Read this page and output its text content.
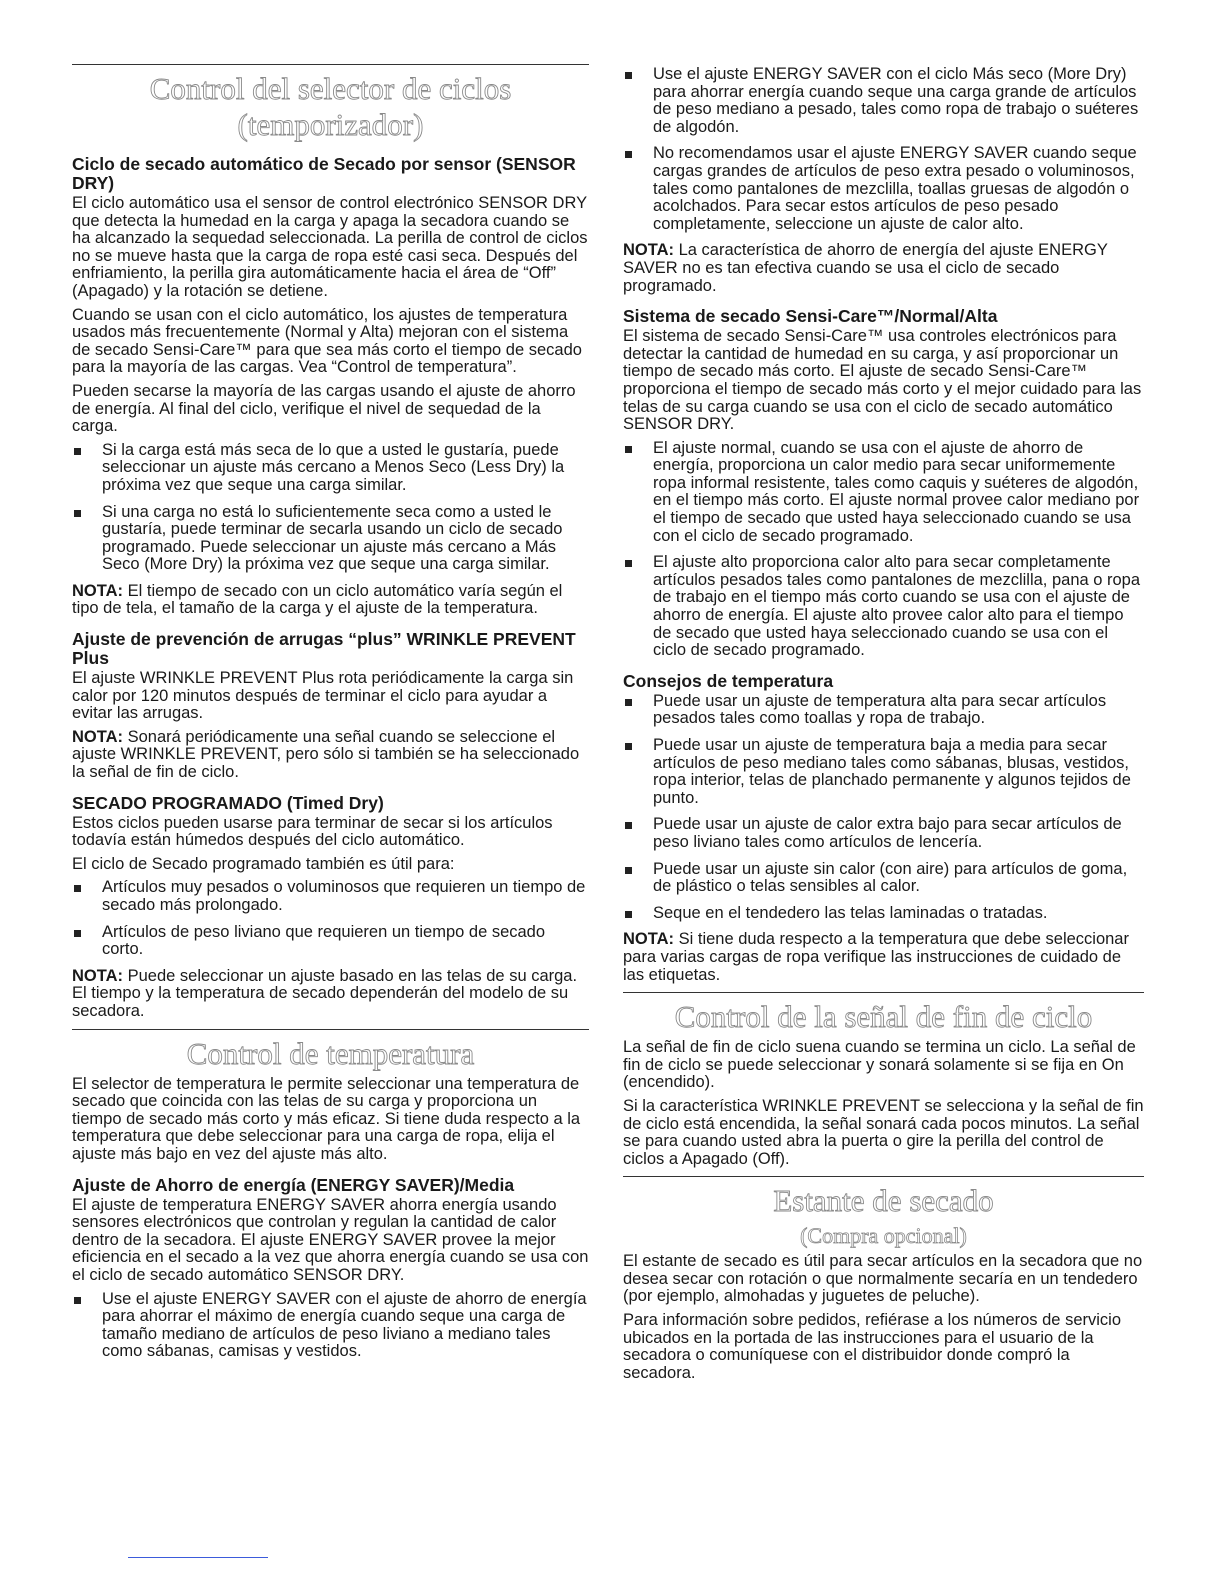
Control del selector de ciclos (temporizador)
Ciclo de secado automático de Secado por sensor (SENSOR DRY)

El ciclo automático usa el sensor de control electrónico SENSOR DRY que detecta la humedad en la carga y apaga la secadora cuando se ha alcanzado la sequedad seleccionada. La perilla de control de ciclos no se mueve hasta que la carga de ropa esté casi seca. Después del enfriamiento, la perilla gira automáticamente hacia el área de “Off” (Apagado) y la rotación se detiene.

Cuando se usan con el ciclo automático, los ajustes de temperatura usados más frecuentemente (Normal y Alta) mejoran con el sistema de secado Sensi-Care™ para que sea más corto el tiempo de secado para la mayoría de las cargas. Vea “Control de temperatura”.

Pueden secarse la mayoría de las cargas usando el ajuste de ahorro de energía. Al final del ciclo, verifique el nivel de sequedad de la carga.

Si la carga está más seca de lo que a usted le gustaría, puede seleccionar un ajuste más cercano a Menos Seco (Less Dry) la próxima vez que seque una carga similar.
Si una carga no está lo suficientemente seca como a usted le gustaría, puede terminar de secarla usando un ciclo de secado programado. Puede seleccionar un ajuste más cercano a Más Seco (More Dry) la próxima vez que seque una carga similar.

NOTA: El tiempo de secado con un ciclo automático varía según el tipo de tela, el tamaño de la carga y el ajuste de la temperatura.

Ajuste de prevención de arrugas “plus” WRINKLE PREVENT Plus

El ajuste WRINKLE PREVENT Plus rota periódicamente la carga sin calor por 120 minutos después de terminar el ciclo para ayudar a evitar las arrugas.

NOTA: Sonará periódicamente una señal cuando se seleccione el ajuste WRINKLE PREVENT, pero sólo si también se ha seleccionado la señal de fin de ciclo.

SECADO PROGRAMADO (Timed Dry)

Estos ciclos pueden usarse para terminar de secar si los artículos todavía están húmedos después del ciclo automático.

El ciclo de Secado programado también es útil para:

Artículos muy pesados o voluminosos que requieren un tiempo de secado más prolongado.
Artículos de peso liviano que requieren un tiempo de secado corto.

NOTA: Puede seleccionar un ajuste basado en las telas de su carga. El tiempo y la temperatura de secado dependerán del modelo de su secadora.

Control de temperatura

El selector de temperatura le permite seleccionar una temperatura de secado que coincida con las telas de su carga y proporciona un tiempo de secado más corto y más eficaz. Si tiene duda respecto a la temperatura que debe seleccionar para una carga de ropa, elija el ajuste más bajo en vez del ajuste más alto.

Ajuste de Ahorro de energía (ENERGY SAVER)/Media

El ajuste de temperatura ENERGY SAVER ahorra energía usando sensores electrónicos que controlan y regulan la cantidad de calor dentro de la secadora. El ajuste ENERGY SAVER provee la mejor eficiencia en el secado a la vez que ahorra energía cuando se usa con el ciclo de secado automático SENSOR DRY.

Use el ajuste ENERGY SAVER con el ajuste de ahorro de energía para ahorrar el máximo de energía cuando seque una carga de tamaño mediano de artículos de peso liviano a mediano tales como sábanas, camisas y vestidos.
Use el ajuste ENERGY SAVER con el ciclo Más seco (More Dry) para ahorrar energía cuando seque una carga grande de artículos de peso mediano a pesado, tales como ropa de trabajo o suéteres de algodón.
No recomendamos usar el ajuste ENERGY SAVER cuando seque cargas grandes de artículos de peso extra pesado o voluminosos, tales como pantalones de mezclilla, toallas gruesas de algodón o acolchados. Para secar estos artículos de peso pesado completamente, seleccione un ajuste de calor alto.

NOTA: La característica de ahorro de energía del ajuste ENERGY SAVER no es tan efectiva cuando se usa el ciclo de secado programado.

Sistema de secado Sensi-Care™/Normal/Alta

El sistema de secado Sensi-Care™ usa controles electrónicos para detectar la cantidad de humedad en su carga, y así proporcionar un tiempo de secado más corto. El ajuste de secado Sensi-Care™ proporciona el tiempo de secado más corto y el mejor cuidado para las telas de su carga cuando se usa con el ciclo de secado automático SENSOR DRY.

El ajuste normal, cuando se usa con el ajuste de ahorro de energía, proporciona un calor medio para secar uniformemente ropa informal resistente, tales como caquis y suéteres de algodón, en el tiempo más corto. El ajuste normal provee calor mediano por el tiempo de secado que usted haya seleccionado cuando se usa con el ciclo de secado programado.
El ajuste alto proporciona calor alto para secar completamente artículos pesados tales como pantalones de mezclilla, pana o ropa de trabajo en el tiempo más corto cuando se usa con el ajuste de ahorro de energía. El ajuste alto provee calor alto para el tiempo de secado que usted haya seleccionado cuando se usa con el ciclo de secado programado.
Consejos de temperatura
Puede usar un ajuste de temperatura alta para secar artículos pesados tales como toallas y ropa de trabajo.
Puede usar un ajuste de temperatura baja a media para secar artículos de peso mediano tales como sábanas, blusas, vestidos, ropa interior, telas de planchado permanente y algunos tejidos de punto.
Puede usar un ajuste de calor extra bajo para secar artículos de peso liviano tales como artículos de lencería.
Puede usar un ajuste sin calor (con aire) para artículos de goma, de plástico o telas sensibles al calor.
Seque en el tendedero las telas laminadas o tratadas.

NOTA: Si tiene duda respecto a la temperatura que debe seleccionar para varias cargas de ropa verifique las instrucciones de cuidado de las etiquetas.

Control de la señal de fin de ciclo

La señal de fin de ciclo suena cuando se termina un ciclo. La señal de fin de ciclo se puede seleccionar y sonará solamente si se fija en On (encendido).

Si la característica WRINKLE PREVENT se selecciona y la señal de fin de ciclo está encendida, la señal sonará cada pocos minutos. La señal se para cuando usted abra la puerta o gire la perilla del control de ciclos a Apagado (Off).

Estante de secado
(Compra opcional)

El estante de secado es útil para secar artículos en la secadora que no desea secar con rotación o que normalmente secaría en un tendedero (por ejemplo, almohadas y juguetes de peluche).

Para información sobre pedidos, refiérase a los números de servicio ubicados en la portada de las instrucciones para el usuario de la secadora o comuníquese con el distribuidor donde compró la secadora.
